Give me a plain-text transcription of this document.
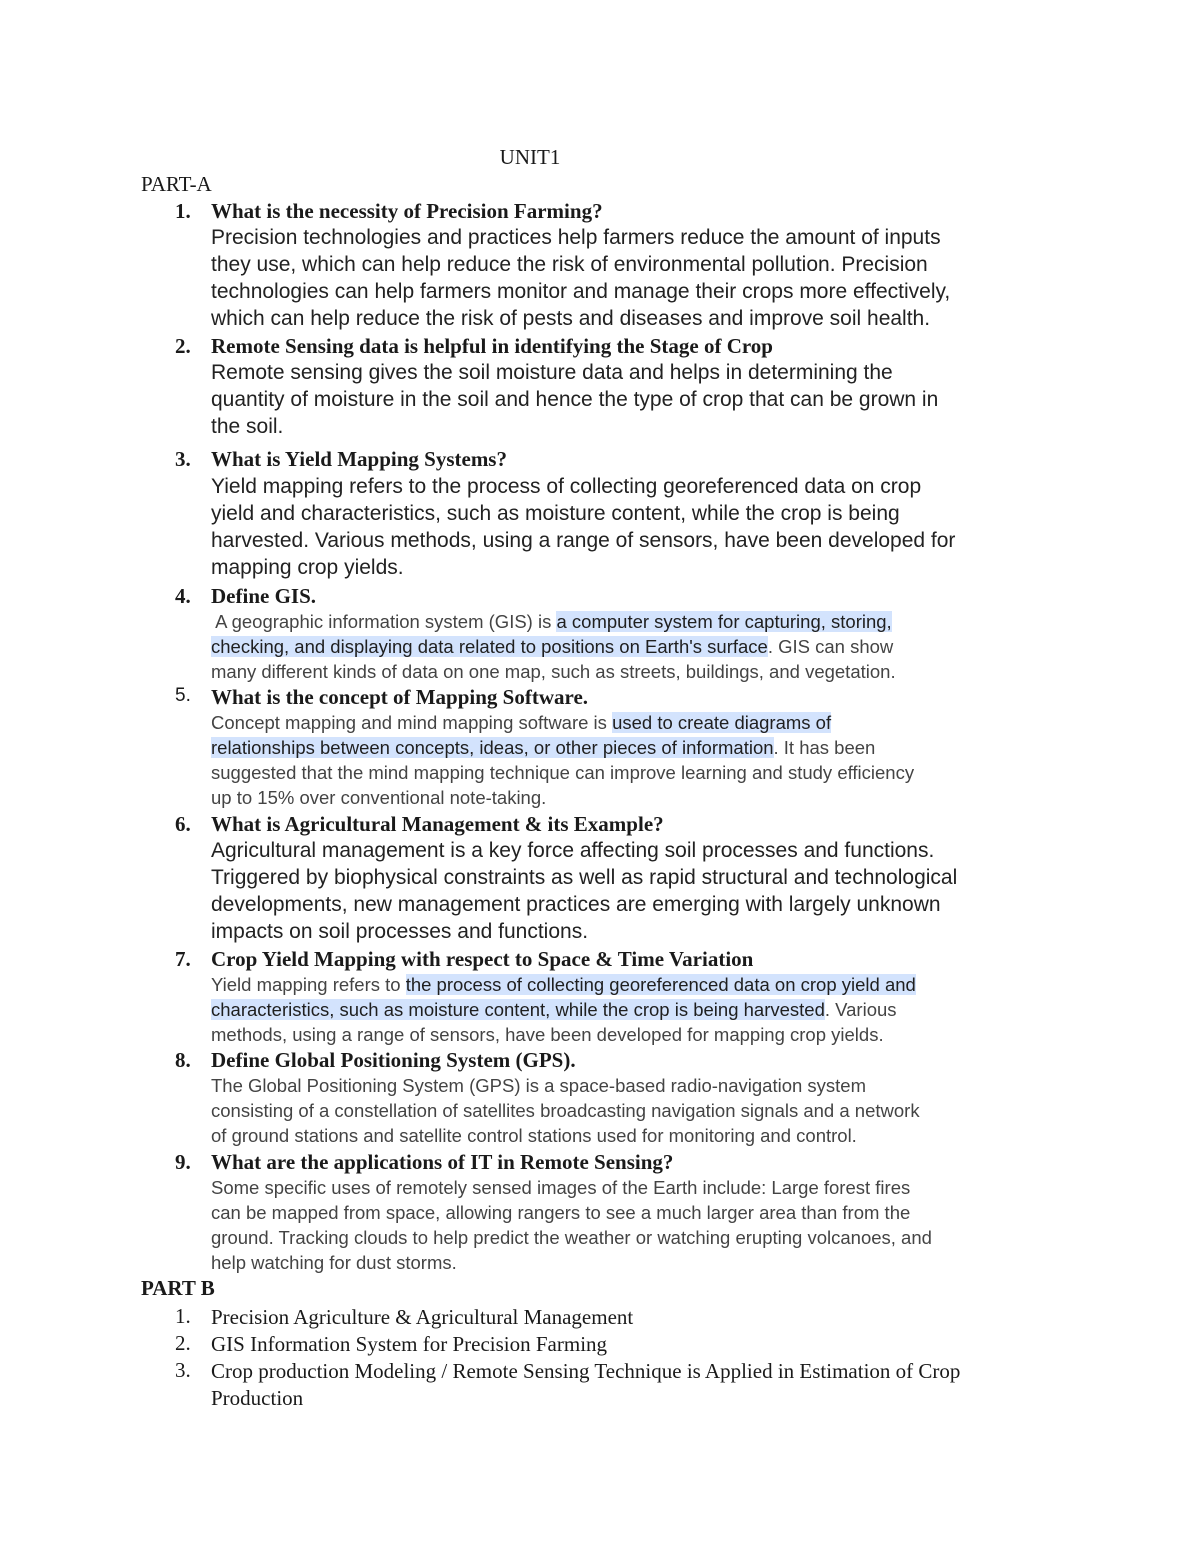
UNIT1
PART-A
1. What is the necessity of Precision Farming?
Precision technologies and practices help farmers reduce the amount of inputs
they use, which can help reduce the risk of environmental pollution. Precision
technologies can help farmers monitor and manage their crops more effectively,
which can help reduce the risk of pests and diseases and improve soil health.
2. Remote Sensing data is helpful in identifying the Stage of Crop
Remote sensing gives the soil moisture data and helps in determining the
quantity of moisture in the soil and hence the type of crop that can be grown in
the soil.
3. What is Yield Mapping Systems?
Yield mapping refers to the process of collecting georeferenced data on crop
yield and characteristics, such as moisture content, while the crop is being
harvested. Various methods, using a range of sensors, have been developed for
mapping crop yields.
4. Define GIS.
A geographic information system (GIS) is a computer system for capturing, storing,
checking, and displaying data related to positions on Earth's surface. GIS can show
many different kinds of data on one map, such as streets, buildings, and vegetation.
5. What is the concept of Mapping Software.
Concept mapping and mind mapping software is used to create diagrams of
relationships between concepts, ideas, or other pieces of information. It has been
suggested that the mind mapping technique can improve learning and study efficiency
up to 15% over conventional note-taking.
6. What is Agricultural Management & its Example?
Agricultural management is a key force affecting soil processes and functions.
Triggered by biophysical constraints as well as rapid structural and technological
developments, new management practices are emerging with largely unknown
impacts on soil processes and functions.
7. Crop Yield Mapping with respect to Space & Time Variation
Yield mapping refers to the process of collecting georeferenced data on crop yield and
characteristics, such as moisture content, while the crop is being harvested. Various
methods, using a range of sensors, have been developed for mapping crop yields.
8. Define Global Positioning System (GPS).
The Global Positioning System (GPS) is a space-based radio-navigation system
consisting of a constellation of satellites broadcasting navigation signals and a network
of ground stations and satellite control stations used for monitoring and control.
9. What are the applications of IT in Remote Sensing?
Some specific uses of remotely sensed images of the Earth include: Large forest fires
can be mapped from space, allowing rangers to see a much larger area than from the
ground. Tracking clouds to help predict the weather or watching erupting volcanoes, and
help watching for dust storms.
PART B
1. Precision Agriculture & Agricultural Management
2. GIS Information System for Precision Farming
3. Crop production Modeling / Remote Sensing Technique is Applied in Estimation of Crop
Production
